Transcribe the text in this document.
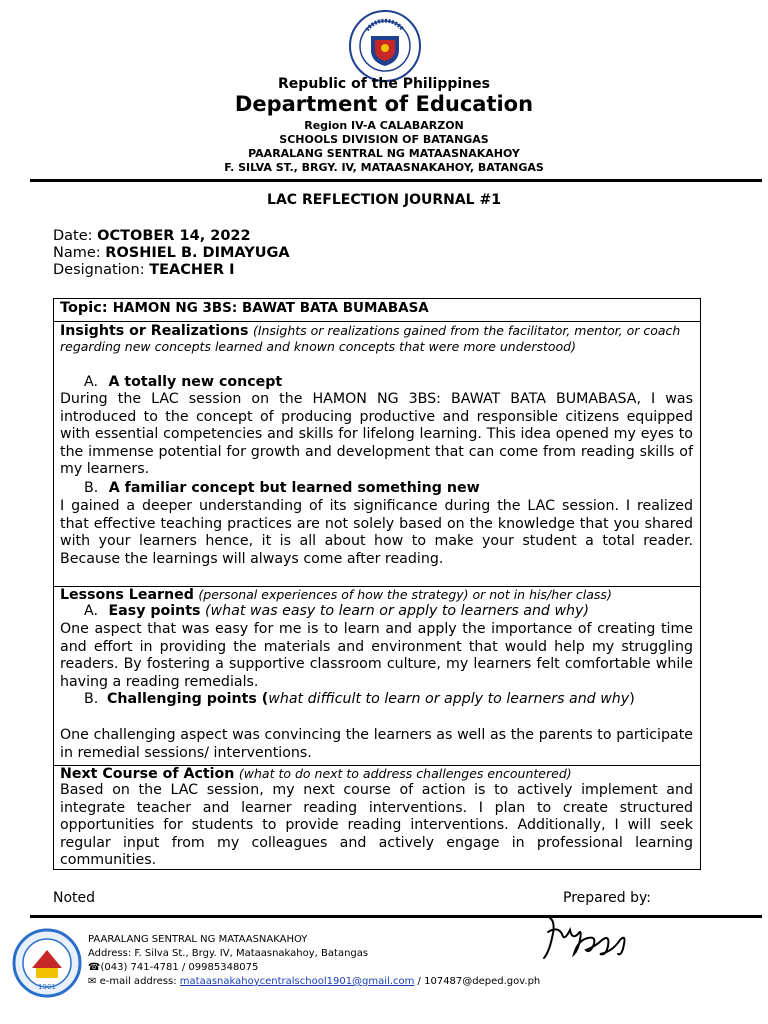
Republic of the Philippines
Department of Education
Region IV-A CALABARZON
SCHOOLS DIVISION OF BATANGAS
PAARALANG SENTRAL NG MATAASNAKAHOY
F. SILVA ST., BRGY. IV, MATAASNAKAHOY, BATANGAS
LAC REFLECTION JOURNAL #1
Date: OCTOBER 14, 2022
Name: ROSHIEL B. DIMAYUGA
Designation: TEACHER I
Topic: HAMON NG 3BS: BAWAT BATA BUMABASA
Insights or Realizations (Insights or realizations gained from the facilitator, mentor, or coach regarding new concepts learned and known concepts that were more understood)
A. A totally new concept
During the LAC session on the HAMON NG 3BS: BAWAT BATA BUMABASA, I was introduced to the concept of producing productive and responsible citizens equipped with essential competencies and skills for lifelong learning. This idea opened my eyes to the immense potential for growth and development that can come from reading skills of my learners.
B. A familiar concept but learned something new
I gained a deeper understanding of its significance during the LAC session. I realized that effective teaching practices are not solely based on the knowledge that you shared with your learners hence, it is all about how to make your student a total reader. Because the learnings will always come after reading.
Lessons Learned (personal experiences of how the strategy) or not in his/her class)
A. Easy points (what was easy to learn or apply to learners and why)
One aspect that was easy for me is to learn and apply the importance of creating time and effort in providing the materials and environment that would help my struggling readers. By fostering a supportive classroom culture, my learners felt comfortable while having a reading remedials.
B. Challenging points (what difficult to learn or apply to learners and why)
One challenging aspect was convincing the learners as well as the parents to participate in remedial sessions/ interventions.
Next Course of Action (what to do next to address challenges encountered)
Based on the LAC session, my next course of action is to actively implement and integrate teacher and learner reading interventions. I plan to create structured opportunities for students to provide reading interventions. Additionally, I will seek regular input from my colleagues and actively engage in professional learning communities.
Noted	Prepared by:
1901
PAARALANG SENTRAL NG MATAASNAKAHOY
Address: F. Silva St., Brgy. IV, Mataasnakahoy, Batangas
☎(043) 741-4781 / 09985348075
✉ e-mail address: mataasnakahoycentralschool1901@gmail.com / 107487@deped.gov.ph
